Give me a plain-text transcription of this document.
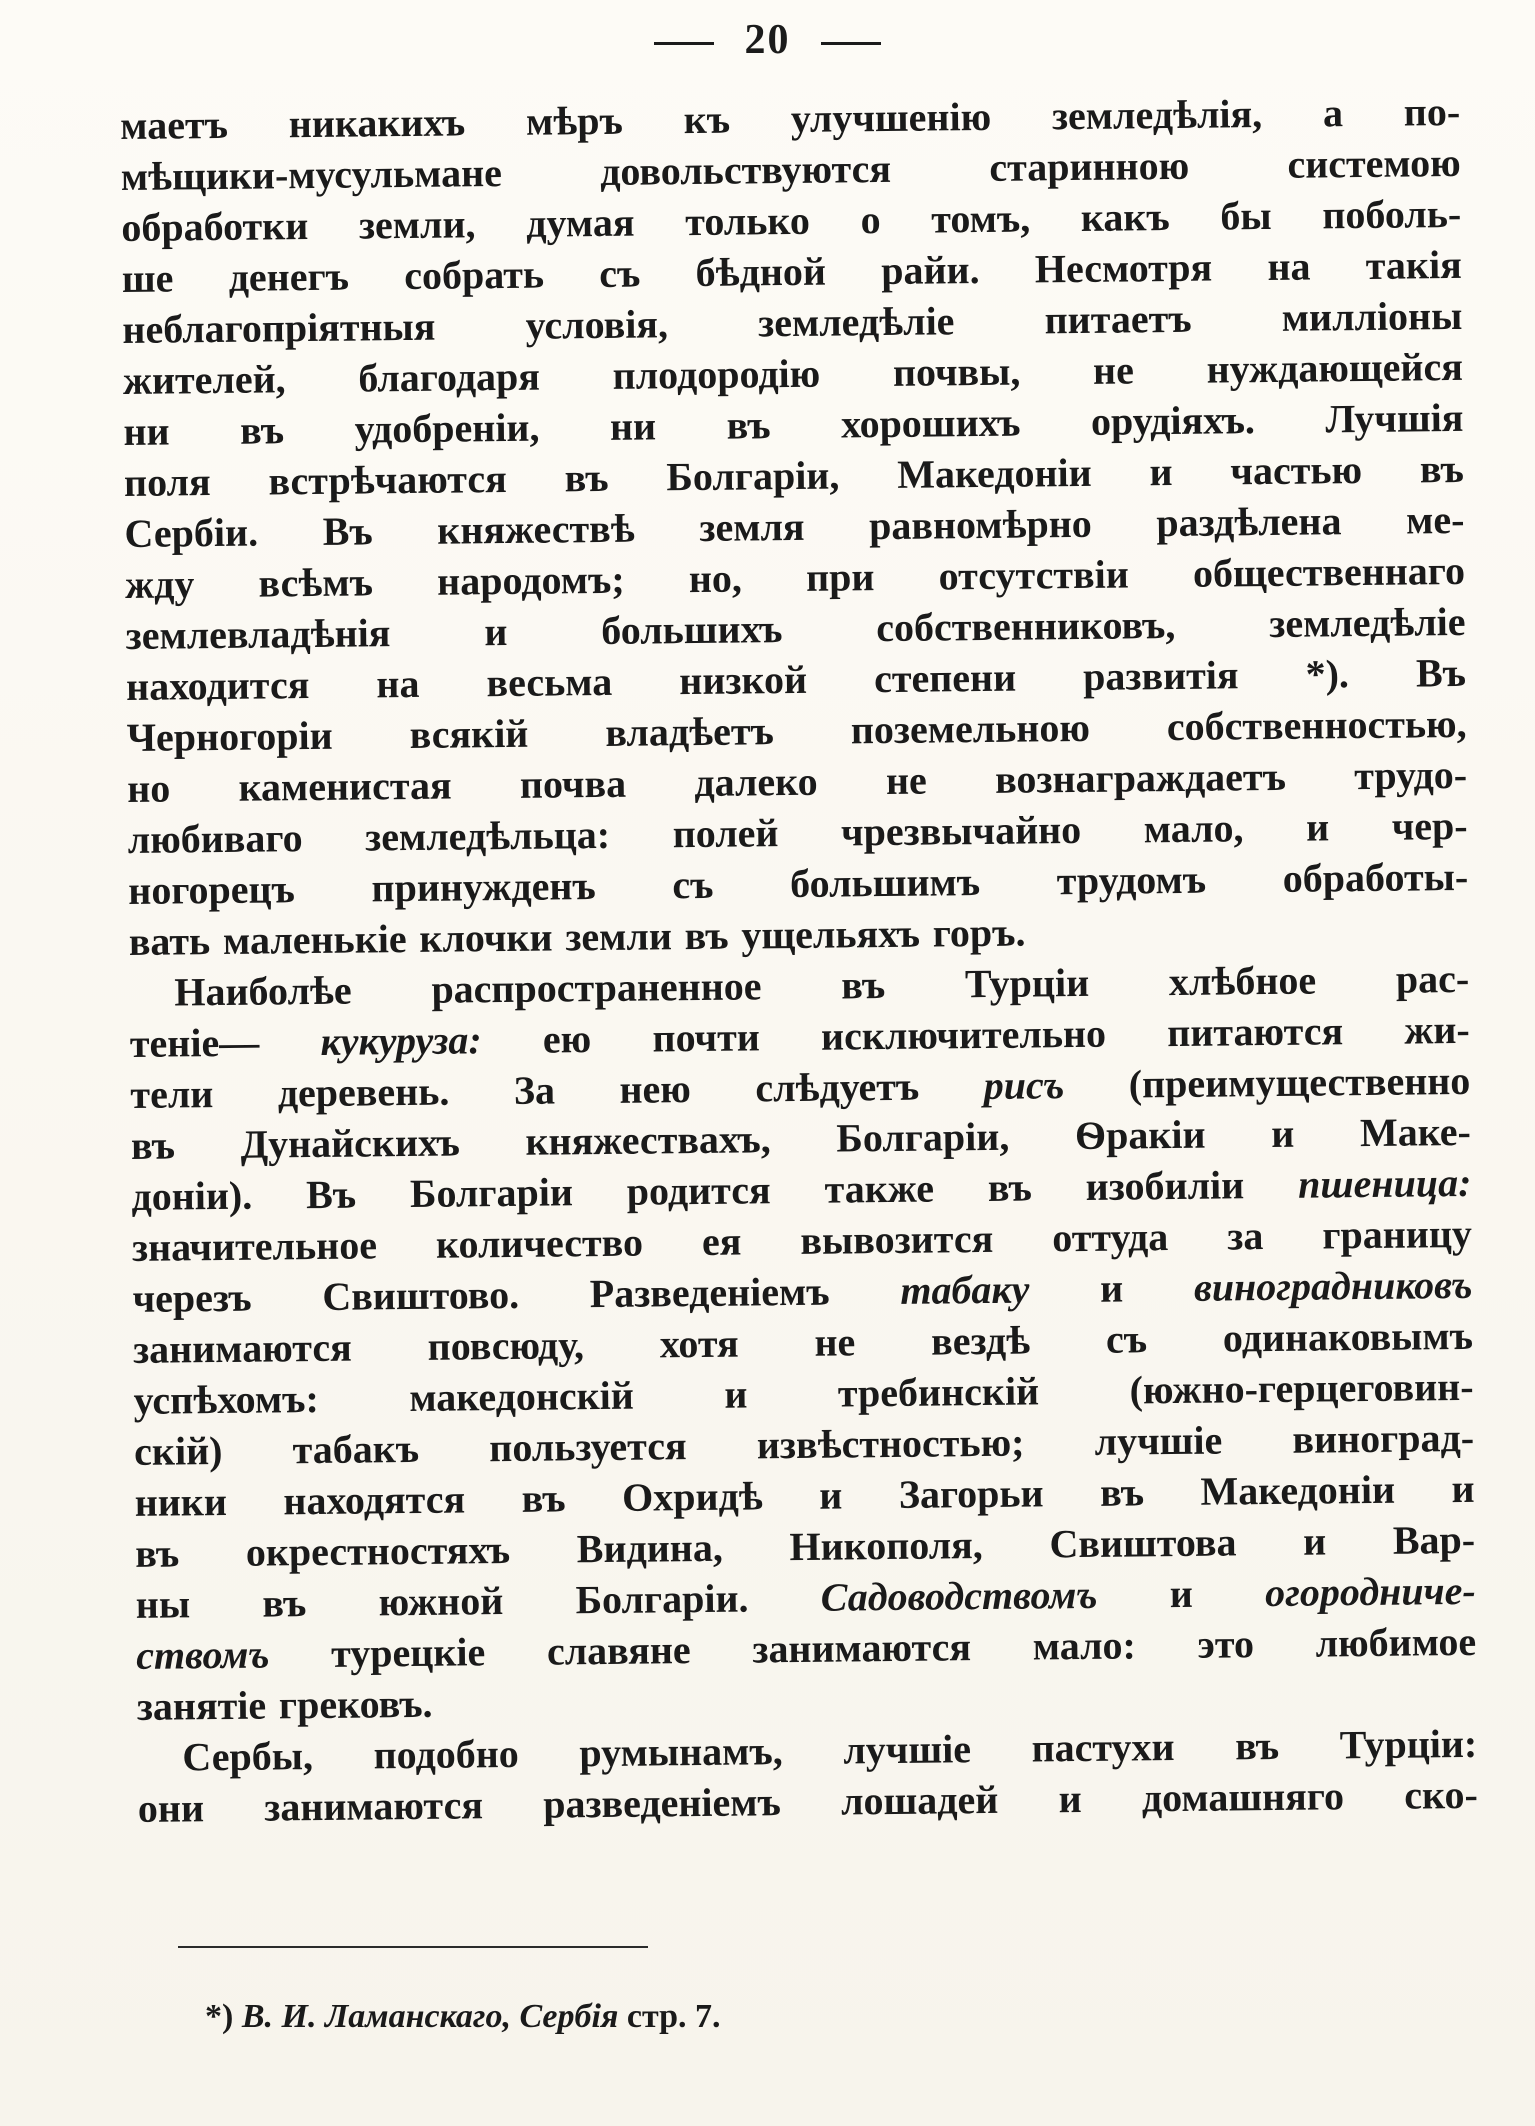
20
маетъ никакихъ мѣръ къ улучшенію земледѣлія, а по-
мѣщики-мусульмане довольствуются старинною системою
обработки земли, думая только о томъ, какъ бы поболь-
ше денегъ собрать съ бѣдной райи. Несмотря на такія
неблагопріятныя условія, земледѣліе питаетъ милліоны
жителей, благодаря плодородію почвы, не нуждающейся
ни въ удобреніи, ни въ хорошихъ орудіяхъ. Лучшія
поля встрѣчаются въ Болгаріи, Македоніи и частью въ
Сербіи. Въ княжествѣ земля равномѣрно раздѣлена ме-
жду всѣмъ народомъ; но, при отсутствіи общественнаго
землевладѣнія и большихъ собственниковъ, земледѣліе
находится на весьма низкой степени развитія *). Въ
Черногоріи всякій владѣетъ поземельною собственностью,
но каменистая почва далеко не вознаграждаетъ трудо-
любиваго земледѣльца: полей чрезвычайно мало, и чер-
ногорецъ принужденъ съ большимъ трудомъ обработы-
вать маленькіе клочки земли въ ущельяхъ горъ.
Наиболѣе распространенное въ Турціи хлѣбное рас-
теніе— кукуруза: ею почти исключительно питаются жи-
тели деревень. За нею слѣдуетъ рисъ (преимущественно
въ Дунайскихъ княжествахъ, Болгаріи, Ѳракіи и Маке-
доніи). Въ Болгаріи родится также въ изобиліи пшеница:
значительное количество ея вывозится оттуда за границу
черезъ Свиштово. Разведеніемъ табаку и виноградниковъ
занимаются повсюду, хотя не вездѣ съ одинаковымъ
успѣхомъ: македонскій и требинскій (южно-герцеговин-
скій) табакъ пользуется извѣстностью; лучшіе виноград-
ники находятся въ Охридѣ и Загорьи въ Македоніи и
въ окрестностяхъ Видина, Никополя, Свиштова и Вар-
ны въ южной Болгаріи. Садоводствомъ и огородниче-
ствомъ турецкіе славяне занимаются мало: это любимое
занятіе грековъ.
Сербы, подобно румынамъ, лучшіе пастухи въ Турціи:
они занимаются разведеніемъ лошадей и домашняго ско-
*) В. И. Ламанскаго, Сербія стр. 7.
